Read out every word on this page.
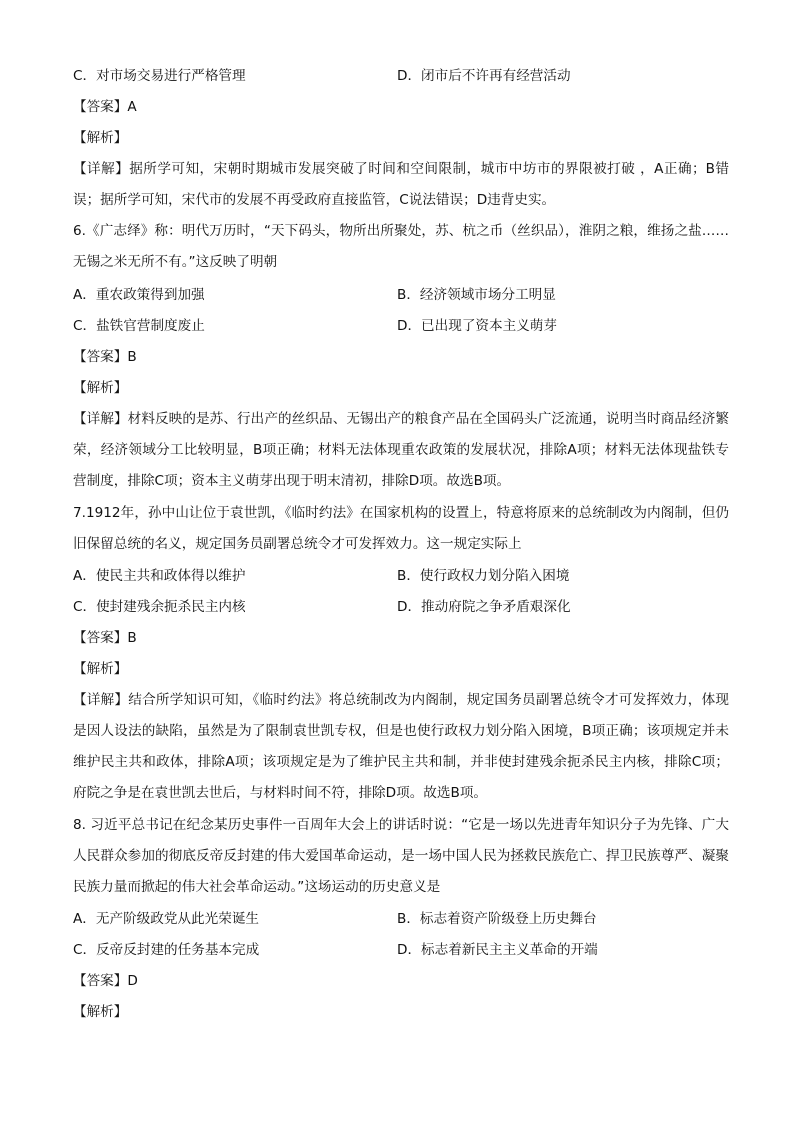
C．对市场交易进行严格管理	D．闭市后不许再有经营活动
【答案】A
【解析】
【详解】据所学可知，宋朝时期城市发展突破了时间和空间限制，城市中坊市的界限被打破 ，A正确；B错误；据所学可知，宋代市的发展不再受政府直接监管，C说法错误；D违背史实。
6.《广志绎》称：明代万历时，“天下码头，物所出所聚处，苏、杭之币（丝织品），淮阴之粮，维扬之盐……无锡之米无所不有。”这反映了明朝
A．重农政策得到加强	B．经济领域市场分工明显
C．盐铁官营制度废止	D．已出现了资本主义萌芽
【答案】B
【解析】
【详解】材料反映的是苏、行出产的丝织品、无锡出产的粮食产品在全国码头广泛流通，说明当时商品经济繁荣，经济领域分工比较明显，B项正确；材料无法体现重农政策的发展状况，排除A项；材料无法体现盐铁专营制度，排除C项；资本主义萌芽出现于明末清初，排除D项。故选B项。
7.1912年，孙中山让位于袁世凯，《临时约法》在国家机构的设置上，特意将原来的总统制改为内阁制，但仍旧保留总统的名义，规定国务员副署总统令才可发挥效力。这一规定实际上
A．使民主共和政体得以维护	B．使行政权力划分陷入困境
C．使封建残余扼杀民主内核	D．推动府院之争矛盾艰深化
【答案】B
【解析】
【详解】结合所学知识可知，《临时约法》将总统制改为内阁制，规定国务员副署总统令才可发挥效力，体现是因人设法的缺陷，虽然是为了限制袁世凯专权，但是也使行政权力划分陷入困境，B项正确；该项规定并未维护民主共和政体，排除A项；该项规定是为了维护民主共和制，并非使封建残余扼杀民主内核，排除C项；府院之争是在袁世凯去世后，与材料时间不符，排除D项。故选B项。
8. 习近平总书记在纪念某历史事件一百周年大会上的讲话时说：“它是一场以先进青年知识分子为先锋、广大人民群众参加的彻底反帝反封建的伟大爱国革命运动，是一场中国人民为拯救民族危亡、捍卫民族尊严、凝聚民族力量而掀起的伟大社会革命运动。”这场运动的历史意义是
A．无产阶级政党从此光荣诞生	B．标志着资产阶级登上历史舞台
C．反帝反封建的任务基本完成	D．标志着新民主主义革命的开端
【答案】D
【解析】
